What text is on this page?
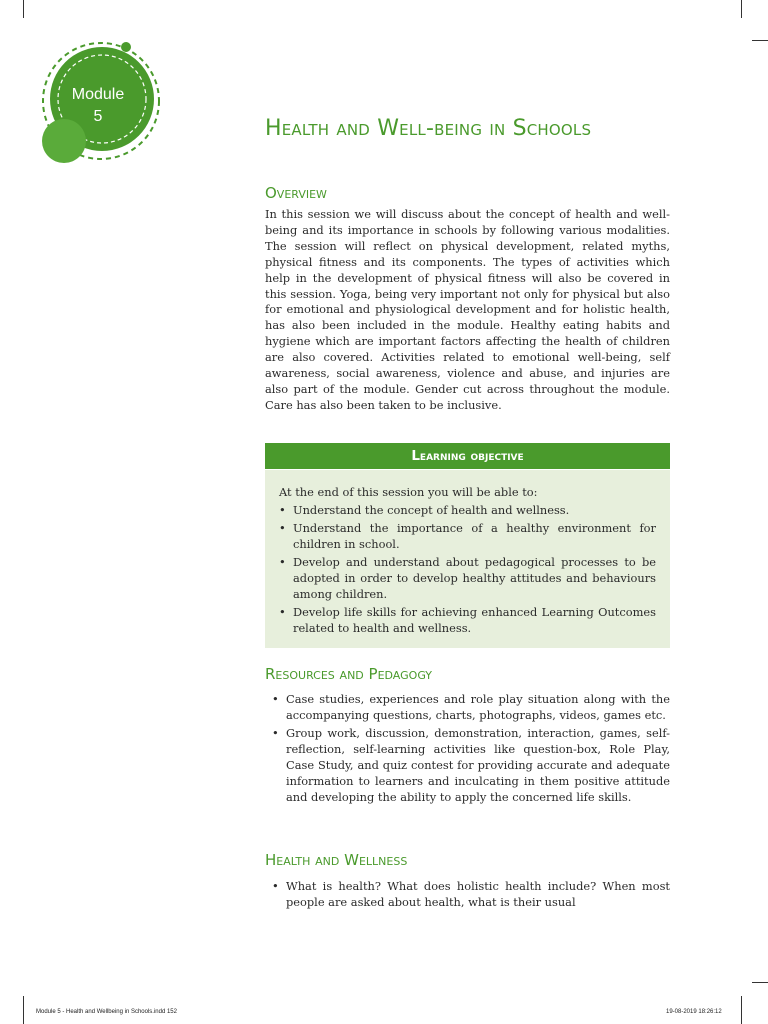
Module
5	Health and Well-being in Schools
Overview
In this session we will discuss about the concept of health and well-being and its importance in schools by following various modalities. The session will reflect on physical development, related myths, physical fitness and its components. The types of activities which help in the development of physical fitness will also be covered in this session. Yoga, being very important not only for physical but also for emotional and physiological development and for holistic health, has also been included in the module. Healthy eating habits and hygiene which are important factors affecting the health of children are also covered. Activities related to emotional well-being, self awareness, social awareness, violence and abuse, and injuries are also part of the module. Gender cut across throughout the module. Care has also been taken to be inclusive.
Learning objective
At the end of this session you will be able to:
• Understand the concept of health and wellness.
• Understand the importance of a healthy environment for children in school.
• Develop and understand about pedagogical processes to be adopted in order to develop healthy attitudes and behaviours among children.
• Develop life skills for achieving enhanced Learning Outcomes related to health and wellness.
Resources and Pedagogy
• Case studies, experiences and role play situation along with the accompanying questions, charts, photographs, videos, games etc.
• Group work, discussion, demonstration, interaction, games, self-reflection, self-learning activities like question-box, Role Play, Case Study, and quiz contest for providing accurate and adequate information to learners and inculcating in them positive attitude and developing the ability to apply the concerned life skills.
Health and Wellness
• What is health? What does holistic health include? When most people are asked about health, what is their usual
Module 5 - Health and Wellbeing in Schools.indd 152	19-08-2019 18:26:12
